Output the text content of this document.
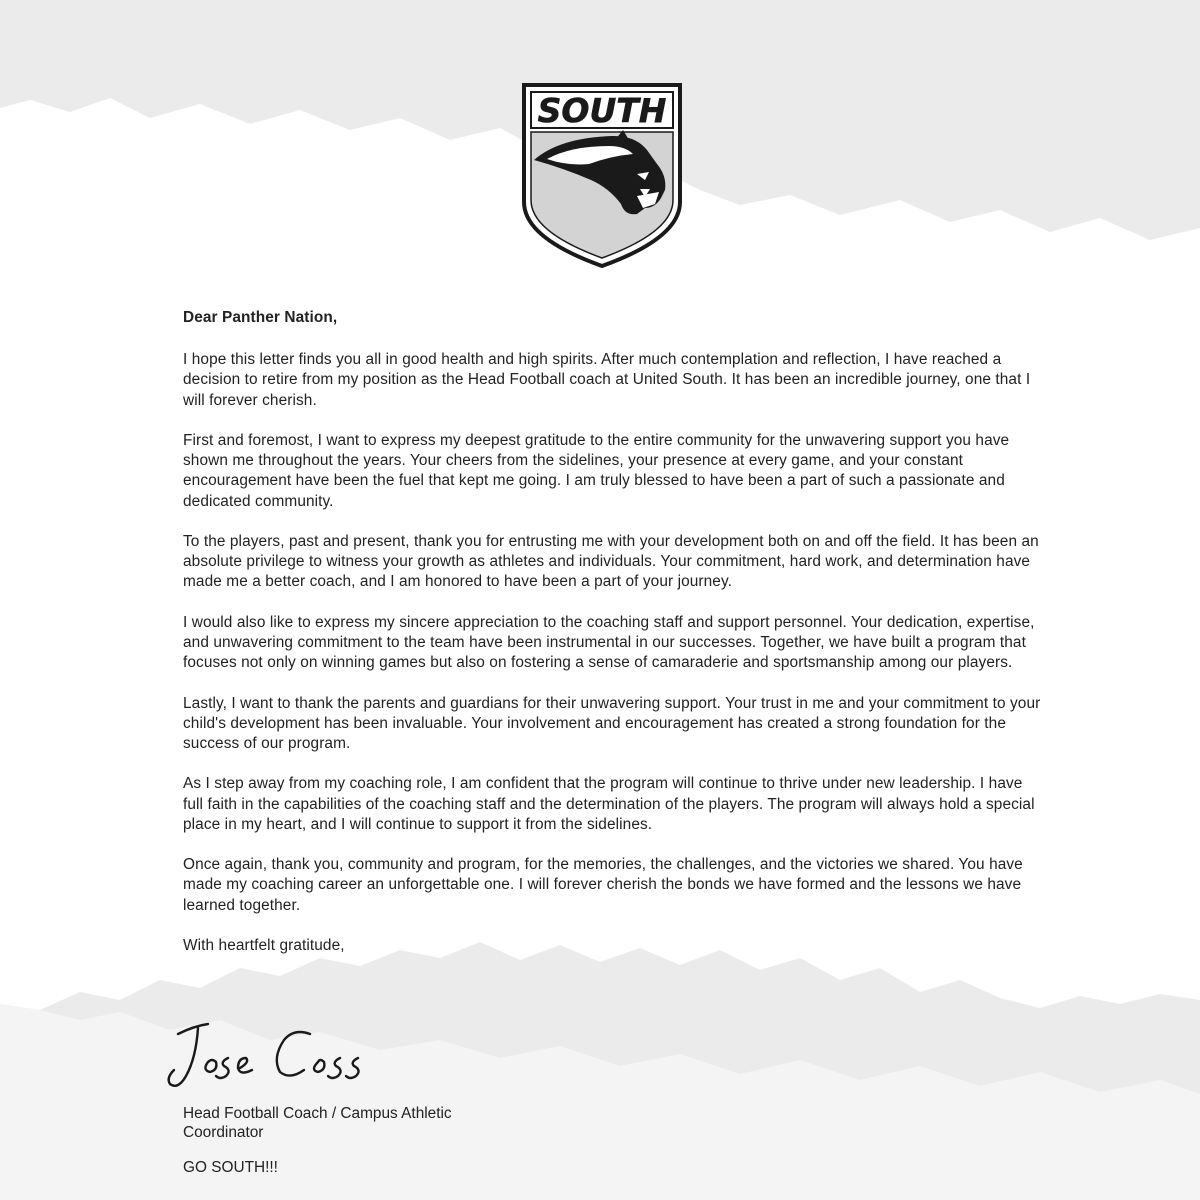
SOUTH

Dear Panther Nation,

I hope this letter finds you all in good health and high spirits. After much contemplation and reflection, I have reached a decision to retire from my position as the Head Football coach at United South. It has been an incredible journey, one that I will forever cherish.

First and foremost, I want to express my deepest gratitude to the entire community for the unwavering support you have shown me throughout the years. Your cheers from the sidelines, your presence at every game, and your constant encouragement have been the fuel that kept me going. I am truly blessed to have been a part of such a passionate and dedicated community.

To the players, past and present, thank you for entrusting me with your development both on and off the field. It has been an absolute privilege to witness your growth as athletes and individuals. Your commitment, hard work, and determination have made me a better coach, and I am honored to have been a part of your journey.

I would also like to express my sincere appreciation to the coaching staff and support personnel. Your dedication, expertise, and unwavering commitment to the team have been instrumental in our successes. Together, we have built a program that focuses not only on winning games but also on fostering a sense of camaraderie and sportsmanship among our players.

Lastly, I want to thank the parents and guardians for their unwavering support. Your trust in me and your commitment to your child's development has been invaluable. Your involvement and encouragement has created a strong foundation for the success of our program.

As I step away from my coaching role, I am confident that the program will continue to thrive under new leadership. I have full faith in the capabilities of the coaching staff and the determination of the players. The program will always hold a special place in my heart, and I will continue to support it from the sidelines.

Once again, thank you, community and program, for the memories, the challenges, and the victories we shared. You have made my coaching career an unforgettable one. I will forever cherish the bonds we have formed and the lessons we have learned together.

With heartfelt gratitude,

Head Football Coach / Campus Athletic

Coordinator

GO SOUTH!!!
